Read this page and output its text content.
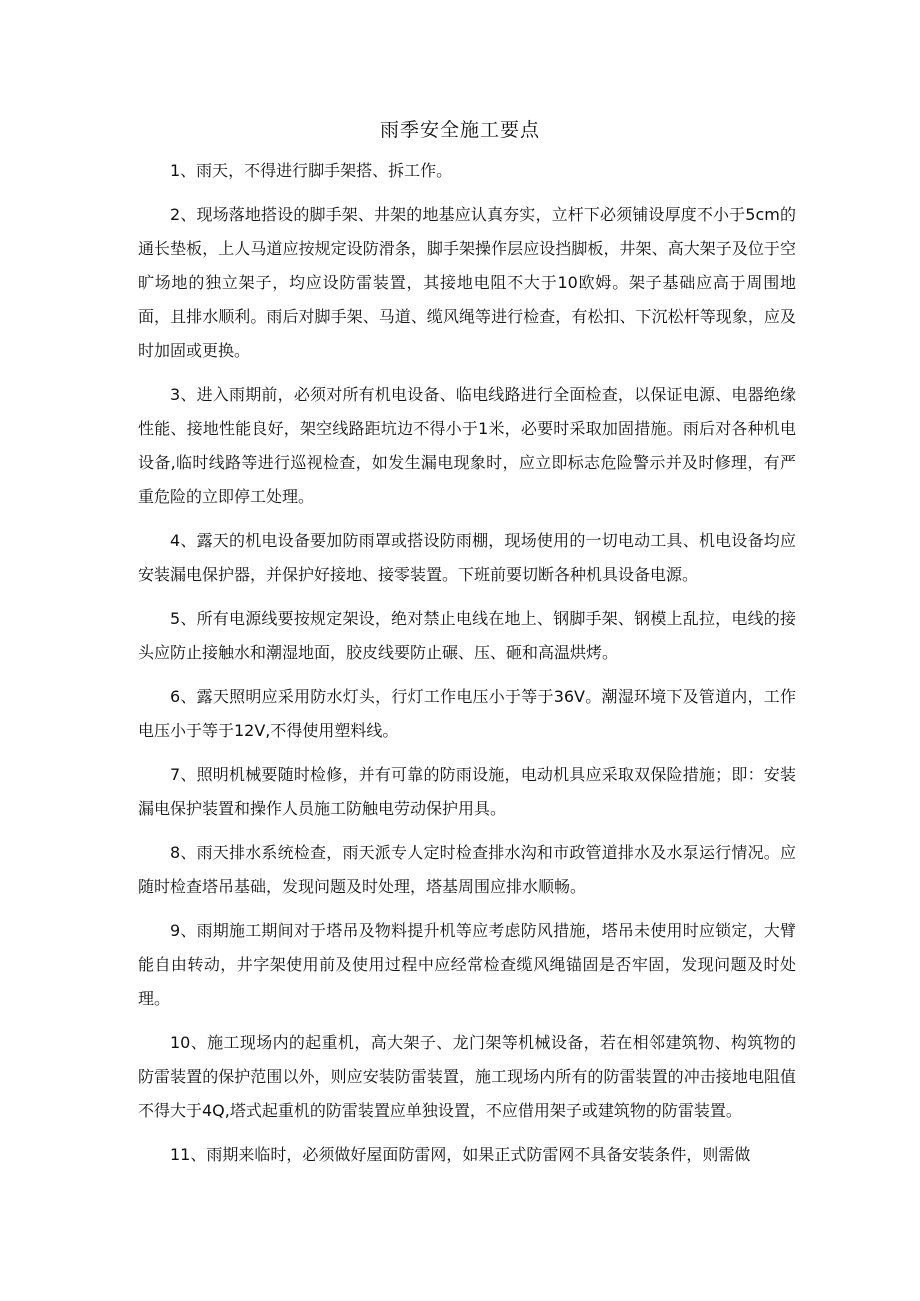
雨季安全施工要点

1、雨天，不得进行脚手架搭、拆工作。

2、现场落地搭设的脚手架、井架的地基应认真夯实，立杆下必须铺设厚度不小于5cm的通长垫板，上人马道应按规定设防滑条，脚手架操作层应设挡脚板，井架、高大架子及位于空旷场地的独立架子，均应设防雷装置，其接地电阻不大于10欧姆。架子基础应高于周围地面，且排水顺利。雨后对脚手架、马道、缆风绳等进行检查，有松扣、下沉松杆等现象，应及时加固或更换。

3、进入雨期前，必须对所有机电设备、临电线路进行全面检查，以保证电源、电器绝缘性能、接地性能良好，架空线路距坑边不得小于1米，必要时采取加固措施。雨后对各种机电设备,临时线路等进行巡视检查，如发生漏电现象时，应立即标志危险警示并及时修理，有严重危险的立即停工处理。

4、露天的机电设备要加防雨罩或搭设防雨棚，现场使用的一切电动工具、机电设备均应安装漏电保护器，并保护好接地、接零装置。下班前要切断各种机具设备电源。

5、所有电源线要按规定架设，绝对禁止电线在地上、钢脚手架、钢模上乱拉，电线的接头应防止接触水和潮湿地面，胶皮线要防止碾、压、砸和高温烘烤。

6、露天照明应采用防水灯头，行灯工作电压小于等于36V。潮湿环境下及管道内，工作电压小于等于12V,不得使用塑料线。

7、照明机械要随时检修，并有可靠的防雨设施，电动机具应采取双保险措施；即：安装漏电保护装置和操作人员施工防触电劳动保护用具。

8、雨天排水系统检查，雨天派专人定时检查排水沟和市政管道排水及水泵运行情况。应随时检查塔吊基础，发现问题及时处理，塔基周围应排水顺畅。

9、雨期施工期间对于塔吊及物料提升机等应考虑防风措施，塔吊未使用时应锁定，大臂能自由转动，井字架使用前及使用过程中应经常检查缆风绳锚固是否牢固，发现问题及时处理。

10、施工现场内的起重机，高大架子、龙门架等机械设备，若在相邻建筑物、构筑物的防雷装置的保护范围以外，则应安装防雷装置，施工现场内所有的防雷装置的冲击接地电阻值不得大于4Q,塔式起重机的防雷装置应单独设置，不应借用架子或建筑物的防雷装置。

11、雨期来临时，必须做好屋面防雷网，如果正式防雷网不具备安装条件，则需做
